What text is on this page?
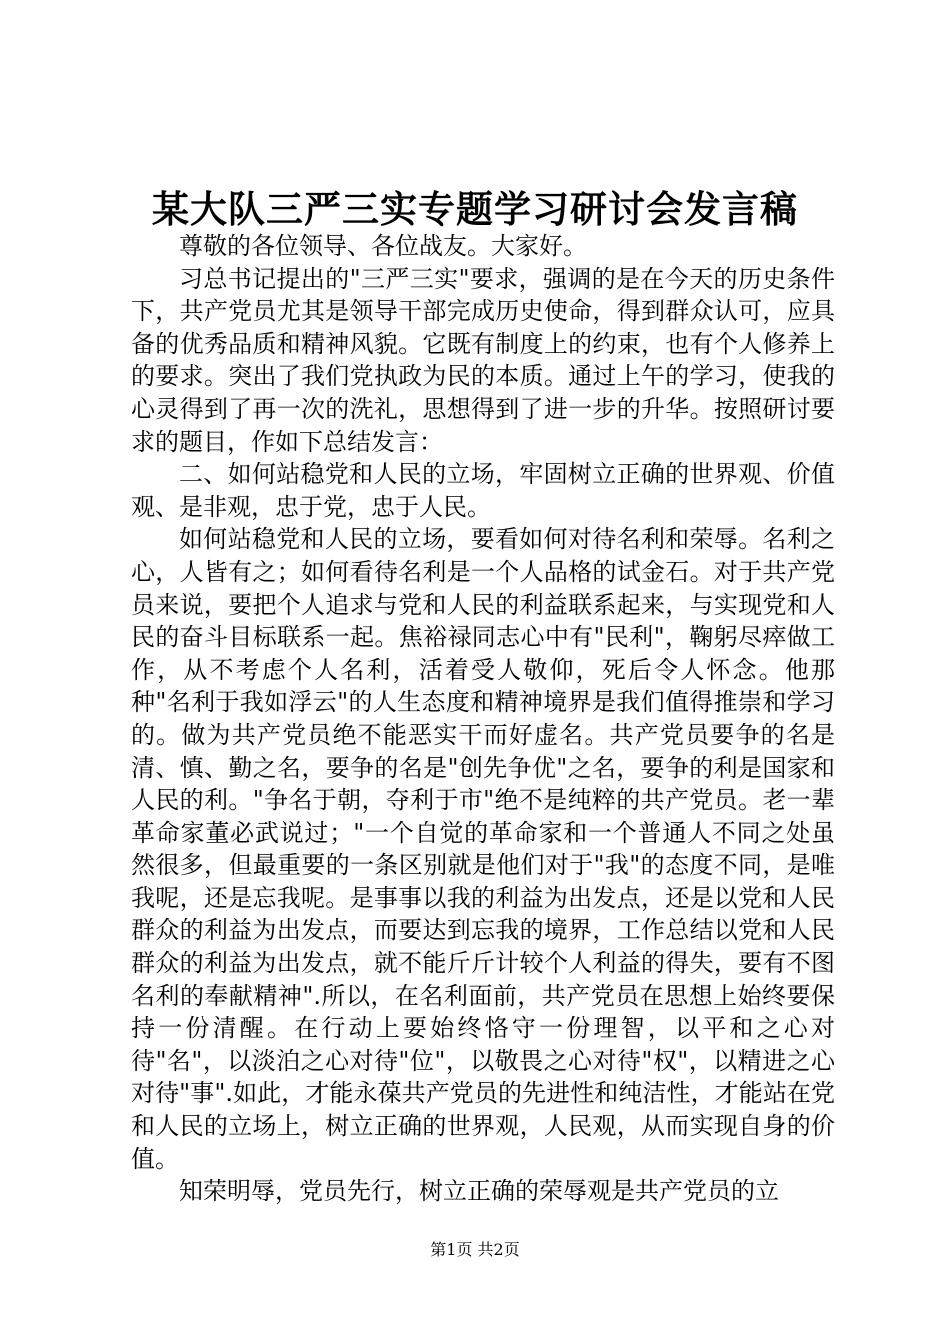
某大队三严三实专题学习研讨会发言稿

尊敬的各位领导、各位战友。大家好。

习总书记提出的"三严三实"要求，强调的是在今天的历史条件下，共产党员尤其是领导干部完成历史使命，得到群众认可，应具备的优秀品质和精神风貌。它既有制度上的约束，也有个人修养上的要求。突出了我们党执政为民的本质。通过上午的学习，使我的心灵得到了再一次的洗礼，思想得到了进一步的升华。按照研讨要求的题目，作如下总结发言：

二、如何站稳党和人民的立场，牢固树立正确的世界观、价值观、是非观，忠于党，忠于人民。

如何站稳党和人民的立场，要看如何对待名利和荣辱。名利之心，人皆有之；如何看待名利是一个人品格的试金石。对于共产党员来说，要把个人追求与党和人民的利益联系起来，与实现党和人民的奋斗目标联系一起。焦裕禄同志心中有"民利"，鞠躬尽瘁做工作，从不考虑个人名利，活着受人敬仰，死后令人怀念。他那种"名利于我如浮云"的人生态度和精神境界是我们值得推崇和学习的。做为共产党员绝不能恶实干而好虚名。共产党员要争的名是清、慎、勤之名，要争的名是"创先争优"之名，要争的利是国家和人民的利。"争名于朝，夺利于市"绝不是纯粹的共产党员。老一辈革命家董必武说过；"一个自觉的革命家和一个普通人不同之处虽然很多，但最重要的一条区别就是他们对于"我"的态度不同，是唯我呢，还是忘我呢。是事事以我的利益为出发点，还是以党和人民群众的利益为出发点，而要达到忘我的境界，工作总结以党和人民群众的利益为出发点，就不能斤斤计较个人利益的得失，要有不图名利的奉献精神".所以，在名利面前，共产党员在思想上始终要保持一份清醒。在行动上要始终恪守一份理智，以平和之心对待"名"，以淡泊之心对待"位"，以敬畏之心对待"权"，以精进之心对待"事".如此，才能永葆共产党员的先进性和纯洁性，才能站在党和人民的立场上，树立正确的世界观，人民观，从而实现自身的价值。

知荣明辱，党员先行，树立正确的荣辱观是共产党员的立

第1页 共2页
